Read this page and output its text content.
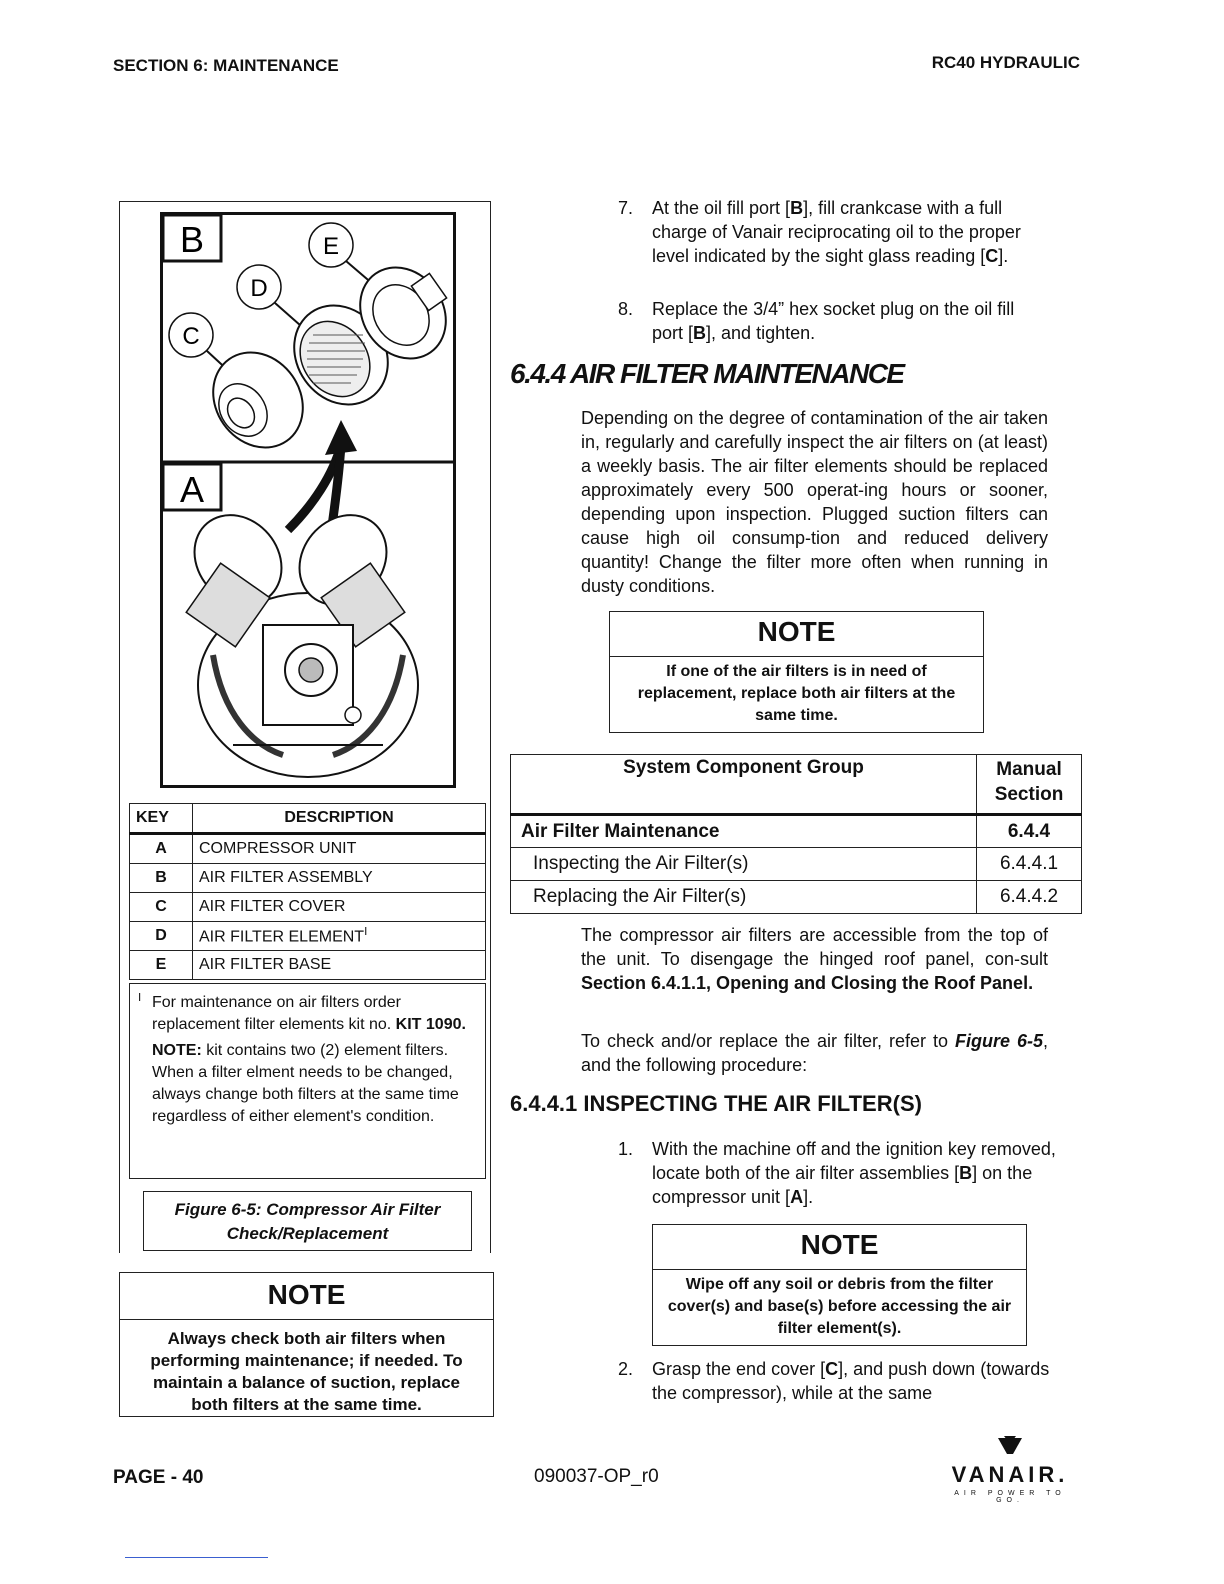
SECTION 6: MAINTENANCE	RC40 HYDRAULIC
B
A
E
D
C
KEY	DESCRIPTION
A	COMPRESSOR UNIT
B	AIR FILTER ASSEMBLY
C	AIR FILTER COVER
D	AIR FILTER $ELEMENT^Ⅰ$
E	AIR FILTER BASE
Ⅰ For maintenance on air filters order replacement filter elements kit no. KIT 1090.
NOTE: kit contains two (2) element filters. When a filter elment needs to be changed, always change both filters at the same time regardless of either element's condition.
Figure 6-5: Compressor Air Filter Check/Replacement
NOTE
Always check both air filters when performing maintenance; if needed. To maintain a balance of suction, replace both filters at the same time.
7.	At the oil fill port [B], fill crankcase with a full charge of Vanair reciprocating oil to the proper level indicated by the sight glass reading [C].
8.	Replace the 3/4” hex socket plug on the oil fill port [B], and tighten.
6.4.4 AIR FILTER MAINTENANCE
Depending on the degree of contamination of the air taken in, regularly and carefully inspect the air filters on (at least) a weekly basis. The air filter elements should be replaced approximately every 500 operat-ing hours or sooner, depending upon inspection. Plugged suction filters can cause high oil consump-tion and reduced delivery quantity! Change the filter more often when running in dusty conditions.
NOTE
If one of the air filters is in need of replacement, replace both air filters at the same time.
System Component Group	Manual Section
Air Filter Maintenance	6.4.4
Inspecting the Air Filter(s)	6.4.4.1
Replacing the Air Filter(s)	6.4.4.2
The compressor air filters are accessible from the top of the unit. To disengage the hinged roof panel, con-sult Section 6.4.1.1, Opening and Closing the Roof Panel.
To check and/or replace the air filter, refer to Figure 6-5, and the following procedure:
6.4.4.1 INSPECTING THE AIR FILTER(S)
1.	With the machine off and the ignition key removed, locate both of the air filter assemblies [B] on the compressor unit [A].
NOTE
Wipe off any soil or debris from the filter cover(s) and base(s) before accessing the air filter element(s).
2.	Grasp the end cover [C], and push down (towards the compressor), while at the same
PAGE - 40	090037-OP_r0	VANAIR.
AIR POWER TO GO.
